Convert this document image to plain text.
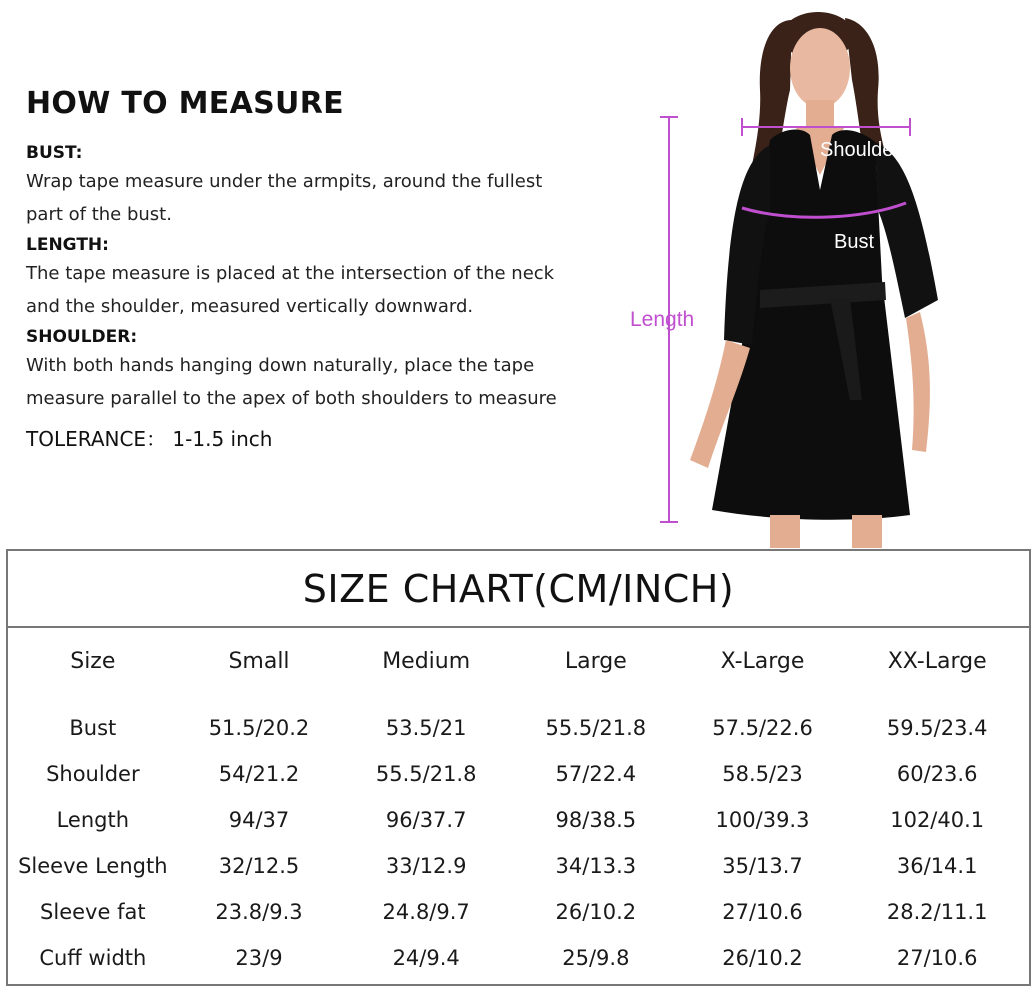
HOW TO MEASURE

BUST:

Wrap tape measure under the armpits, around the fullest

part of the bust.

LENGTH:

The tape measure is placed at the intersection of the neck

and the shoulder, measured vertically downward.

SHOULDER:

With both hands hanging down naturally, place the tape

measure parallel to the apex of both shoulders to measure

TOLERANCE： 1-1.5 inch

Length
Shoulder
Bust
SIZE CHART(CM/INCH)
Size	Small	Medium	Large	X-Large	XX-Large
Bust	51.5/20.2	53.5/21	55.5/21.8	57.5/22.6	59.5/23.4
Shoulder	54/21.2	55.5/21.8	57/22.4	58.5/23	60/23.6
Length	94/37	96/37.7	98/38.5	100/39.3	102/40.1
Sleeve Length	32/12.5	33/12.9	34/13.3	35/13.7	36/14.1
Sleeve fat	23.8/9.3	24.8/9.7	26/10.2	27/10.6	28.2/11.1
Cuff width	23/9	24/9.4	25/9.8	26/10.2	27/10.6
